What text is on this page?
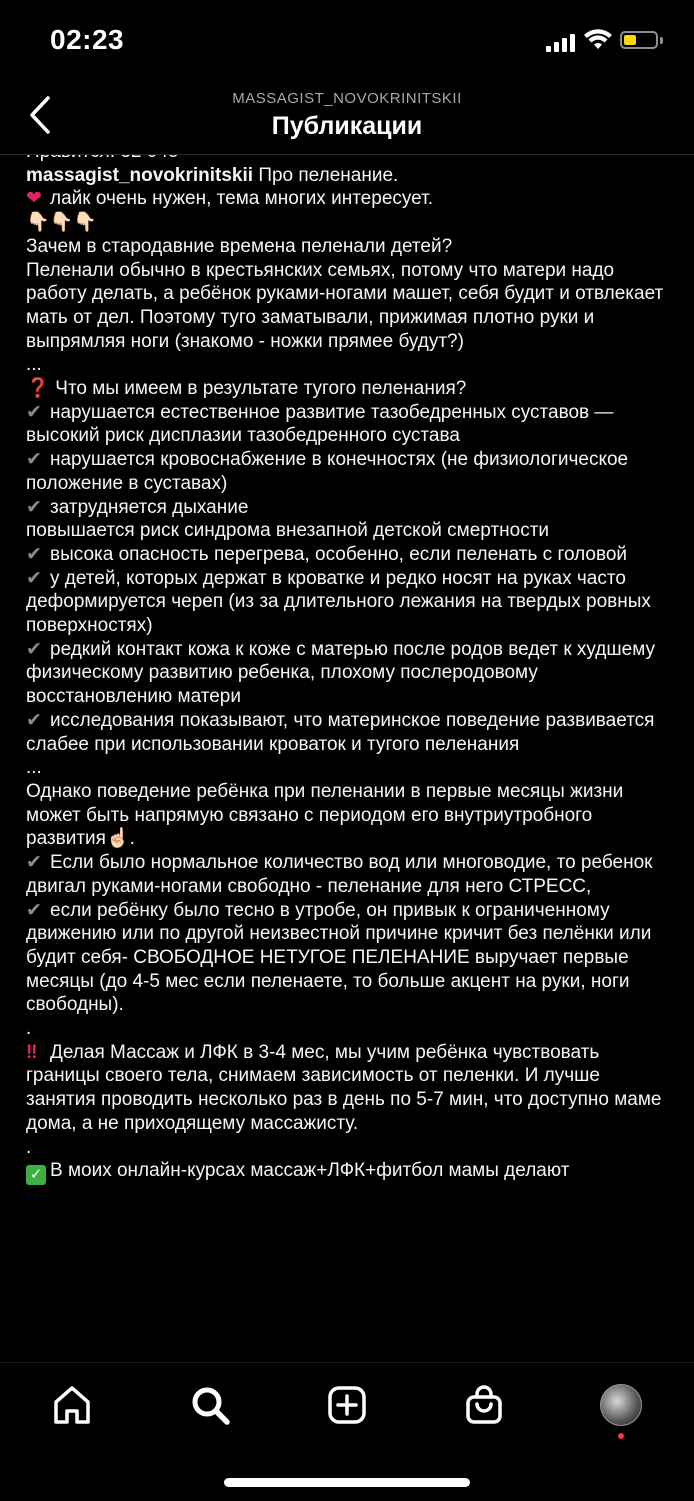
02:23
MASSAGIST_NOVOKRINITSKII
Публикации

massagist_novokrinitskii Про пеленание.

❤ лайк очень нужен, тема многих интересует.

👇🏻👇🏻👇🏻

Зачем в стародавние времена пеленали детей?

Пеленали обычно в крестьянских семьях, потому что матери надо работу делать, а ребёнок руками-ногами машет, себя будит и отвлекает мать от дел. Поэтому туго заматывали, прижимая плотно руки и выпрямляя ноги (знакомо - ножки прямее будут?)

...

❓ Что мы имеем в результате тугого пеленания?

✔ нарушается естественное развитие тазобедренных суставов — высокий риск дисплазии тазобедренного сустава

✔ нарушается кровоснабжение в конечностях (не физиологическое положение в суставах)

✔ затрудняется дыхание

повышается риск синдрома внезапной детской смертности

✔ высока опасность перегрева, особенно, если пеленать с головой

✔ у детей, которых держат в кроватке и редко носят на руках часто деформируется череп (из за длительного лежания на твердых ровных поверхностях)

✔ редкий контакт кожа к коже с матерью после родов ведет к худшему физическому развитию ребенка, плохому послеродовому восстановлению матери

✔ исследования показывают, что материнское поведение развивается слабее при использовании кроваток и тугого пеленания

...

Однако поведение ребёнка при пеленании в первые месяцы жизни может быть напрямую связано с периодом его внутриутробного развития☝🏻.

✔ Если было нормальное количество вод или многоводие, то ребенок двигал руками-ногами свободно - пеленание для него СТРЕСС,

✔ если ребёнку было тесно в утробе, он привык к ограниченному движению или по другой неизвестной причине кричит без пелёнки или будит себя- СВОБОДНОЕ НЕТУГОЕ ПЕЛЕНАНИЕ выручает первые месяцы (до 4-5 мес если пеленаете, то больше акцент на руки, ноги свободны).

.

‼ Делая Массаж и ЛФК в 3-4 мес, мы учим ребёнка чувствовать границы своего тела, снимаем зависимость от пеленки. И лучше занятия проводить несколько раз в день по 5-7 мин, что доступно маме дома, а не приходящему массажисту.

.

✓ В моих онлайн-курсах массаж+ЛФК+фитбол мамы делают
